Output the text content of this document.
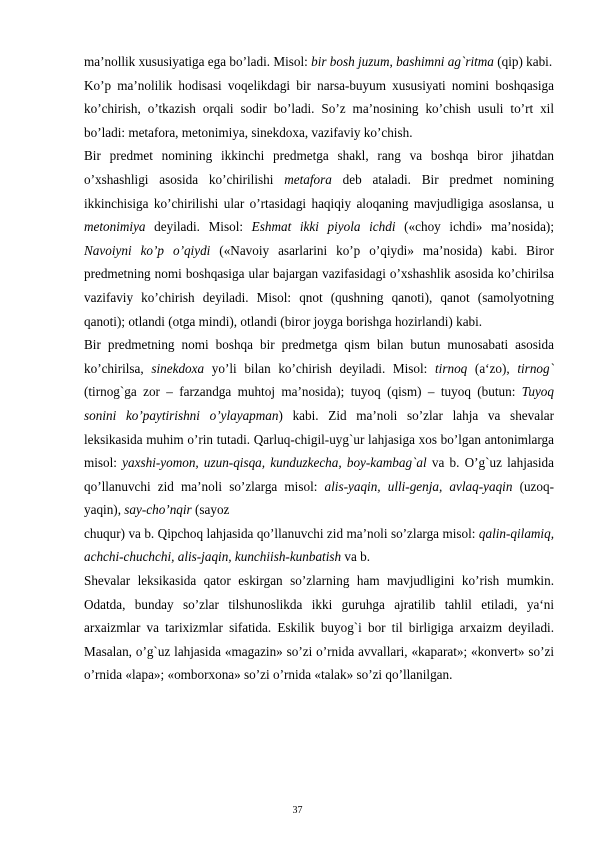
ma’nollik xususiyatiga ega bo’ladi. Misol: bir bosh juzum, bashimni ag`ritma (qip) kabi.

Ko’p ma’nolilik hodisasi voqelikdagi bir narsa-buyum xususiyati nomini boshqasiga ko’chirish, o’tkazish orqali sodir bo’ladi. So’z ma’nosining ko’chish usuli to’rt xil bo’ladi: metafora, metonimiya, sinekdoxa, vazifaviy ko’chish.

Bir predmet nomining ikkinchi predmetga shakl, rang va boshqa biror jihatdan o’xshashligi asosida ko’chirilishi metafora deb ataladi. Bir predmet nomining ikkinchisiga ko’chirilishi ular o’rtasidagi haqiqiy aloqaning mavjudligiga asoslansa, u metonimiya deyiladi. Misol: Eshmat ikki piyola ichdi («choy ichdi» ma’nosida); Navoiyni ko’p o’qiydi («Navoiy asarlarini ko’p o’qiydi» ma’nosida) kabi. Biror predmetning nomi boshqasiga ular bajargan vazifasidagi o’xshashlik asosida ko’chirilsa vazifaviy ko’chirish deyiladi. Misol: qnot (qushning qanoti), qanot (samolyotning qanoti); otlandi (otga mindi), otlandi (biror joyga borishga hozirlandi) kabi.

Bir predmetning nomi boshqa bir predmetga qism bilan butun munosabati asosida ko’chirilsa, sinekdoxa yo’li bilan ko’chirish deyiladi. Misol: tirnoq (a‘zo), tirnog` (tirnog`ga zor – farzandga muhtoj ma’nosida); tuyoq (qism) – tuyoq (butun: Tuyoq sonini ko’paytirishni o’ylayapman) kabi. Zid ma’noli so’zlar lahja va shevalar leksikasida muhim o’rin tutadi. Qarluq-chigil-uyg`ur lahjasiga xos bo’lgan antonimlarga misol: yaxshi-yomon, uzun-qisqa, kunduzkecha, boy-kambag`al va b. O’g`uz lahjasida qo’llanuvchi zid ma’noli so’zlarga misol: alis-yaqin, ulli-genja, avlaq-yaqin (uzoq-yaqin), say-cho’nqir (sayoz

chuqur) va b. Qipchoq lahjasida qo’llanuvchi zid ma’noli so’zlarga misol: qalin-qilamiq, achchi-chuchchi, alis-jaqin, kunchiish-kunbatish va b.

Shevalar leksikasida qator eskirgan so’zlarning ham mavjudligini ko’rish mumkin. Odatda, bunday so’zlar tilshunoslikda ikki guruhga ajratilib tahlil etiladi, ya‘ni arxaizmlar va tarixizmlar sifatida. Eskilik buyog`i bor til birligiga arxaizm deyiladi. Masalan, o’g`uz lahjasida «magazin» so’zi o’rnida avvallari, «kaparat»; «konvert» so’zi o’rnida «lapa»; «omborxona» so’zi o’rnida «talak» so’zi qo’llanilgan.

37
